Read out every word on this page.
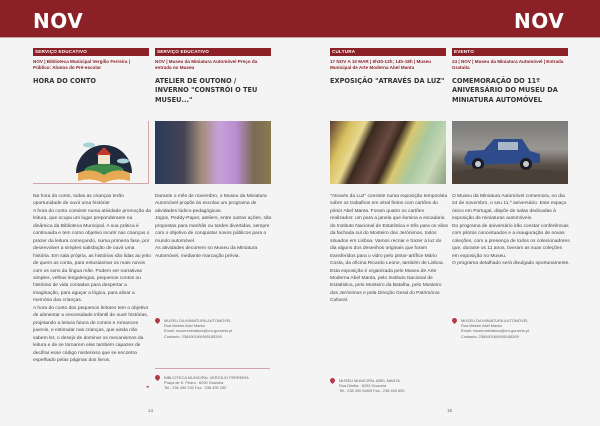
NOV	NOV
SERVIÇO EDUCATIVO
NOV | Biblioteca Municipal Vergílio Ferreira | Público: Alunos do Pré-escolar
HORA DO CONTO
Na hora do conto, todas as crianças terão oportunidade de ouvir uma história!
A hora do conto consiste numa atividade promoção da leitura, que ocupa um lugar preponderante na dinâmica da Biblioteca Municipal. A sua prática é continuada e tem como objetivo incutir nas crianças o prazer da leitura começando, numa primeira fase, por desenvolver a simples satisfação de ouvir uma história. Em sala própria, as histórias são lidas ao jeito de quem as conta, para entusiasmar os mais novos com os sons da língua mãe. Podem ser narrativas simples, velhas lengalengas, pequenos contos ou histórias de vida contadas para despertar a imaginação, para aguçar a lógica, para alivar a memória das crianças.
A hora do conto dos pequenos leitores tem o objetivo de alimentar a necessidade infantil de ouvir histórias, projetando a leitura futura de contos e romances juvenis, e estimular nas crianças, que ainda não sabem ler, o desejo de dominar os mecanismos da leitura e de se tornarem elas também capazes de decifrar esse código misterioso que se encontra espelhado pelas páginas dos livros.
SERVIÇO EDUCATIVO
NOV | Museu da Miniatura Automóvel Preço da entrada no Museu
ATELIER DE OUTONO / INVERNO "CONSTRÓI O TEU MUSEU..."
Durante o mês de novembro, o Museu da Miniatura Automóvel propõe às escolas um programa de atividades lúdico-pedagógicas.
Jogos, Peddy-Paper, ateliers, entre outras ações, são propostas para manhãs ou tardes divertidas, sempre com o objetivo de conquistar novos públicos para o mundo automóvel.
As atividades decorrem no Museu da Miniatura Automóvel, mediante marcação prévia.
MUSEU DA MINIATURA AUTOMÓVEL
Rua Mestre Abel Manta
Email: museuminiatura@cm-gouveia.pt
Contacto: 238490169/965185269
◂
BIBLIOTECA MUNICIPAL VERGÍLIO FERREIRA
Praça de S. Pedro . 6290 Gouveia
Tel.: 238 490 230 Fax.: 238 490 230
14
CULTURA
17 NOV A 10 MAR | 9h30-12h; 14h-18h | Museu Municipal de Arte Moderna Abel Manta
EXPOSIÇÃO "ATRAVÉS DA LUZ"
"Através da Luz" consiste numa exposição temporária sobre os trabalhos em vitral feitos com cartões do pintor Abel Manta. Foram quatro os cartões realizados: um para a janela que ilumina a escadaria do Instituto Nacional de Estatística e três para os vãos da fachada sul do Mosteiro dos Jerónimos, todos situados em Lisboa. Vamos recriar e trazer à luz do dia alguns dos desenhos originais que foram transferidos para o vidro pelo pintor-artífice Mário Costa, da oficina Ricardo Leone, também de Lisboa.
Esta exposição é organizada pelo Museu de Arte Moderna Abel Manta, pelo Instituto Nacional de Estatística, pelo Mosteiro da Batalha, pelo Mosteiro dos Jerónimos e pela Direção Geral do Património Cultural.
MUSEU MUNICIPAL ABEL MANTA
Rua Direita . 6290 Gouveia
Tel.: 238 490 648/9 Fax.: 238 493 650
EVENTO
24 | NOV | Museu da Miniatura Automóvel | Entrada Gratuita
COMEMORAÇÃO DO 11º ANIVERSÁRIO DO MUSEU DA MINIATURA AUTOMÓVEL
O Museu da Miniatura Automóvel comemora, no dia 24 de novembro, o seu 11.º aniversário. Este espaço único em Portugal, dispõe de salas dedicadas à exposição de miniaturas automóveis.
Do programa de aniversário irão constar conferências com pilotos conceituados e a inauguração de novas coleções, com a presença de todos os colecionadores que, durante os 11 anos, tiveram as suas coleções em exposição no Museu.
O programa detalhado será divulgado oportunamente.
MUSEU DA MINIATURA AUTOMÓVEL
Rua Mestre Abel Manta
Email: museuminiatura@cm-gouveia.pt
Contacto: 238490169/965185269
15
